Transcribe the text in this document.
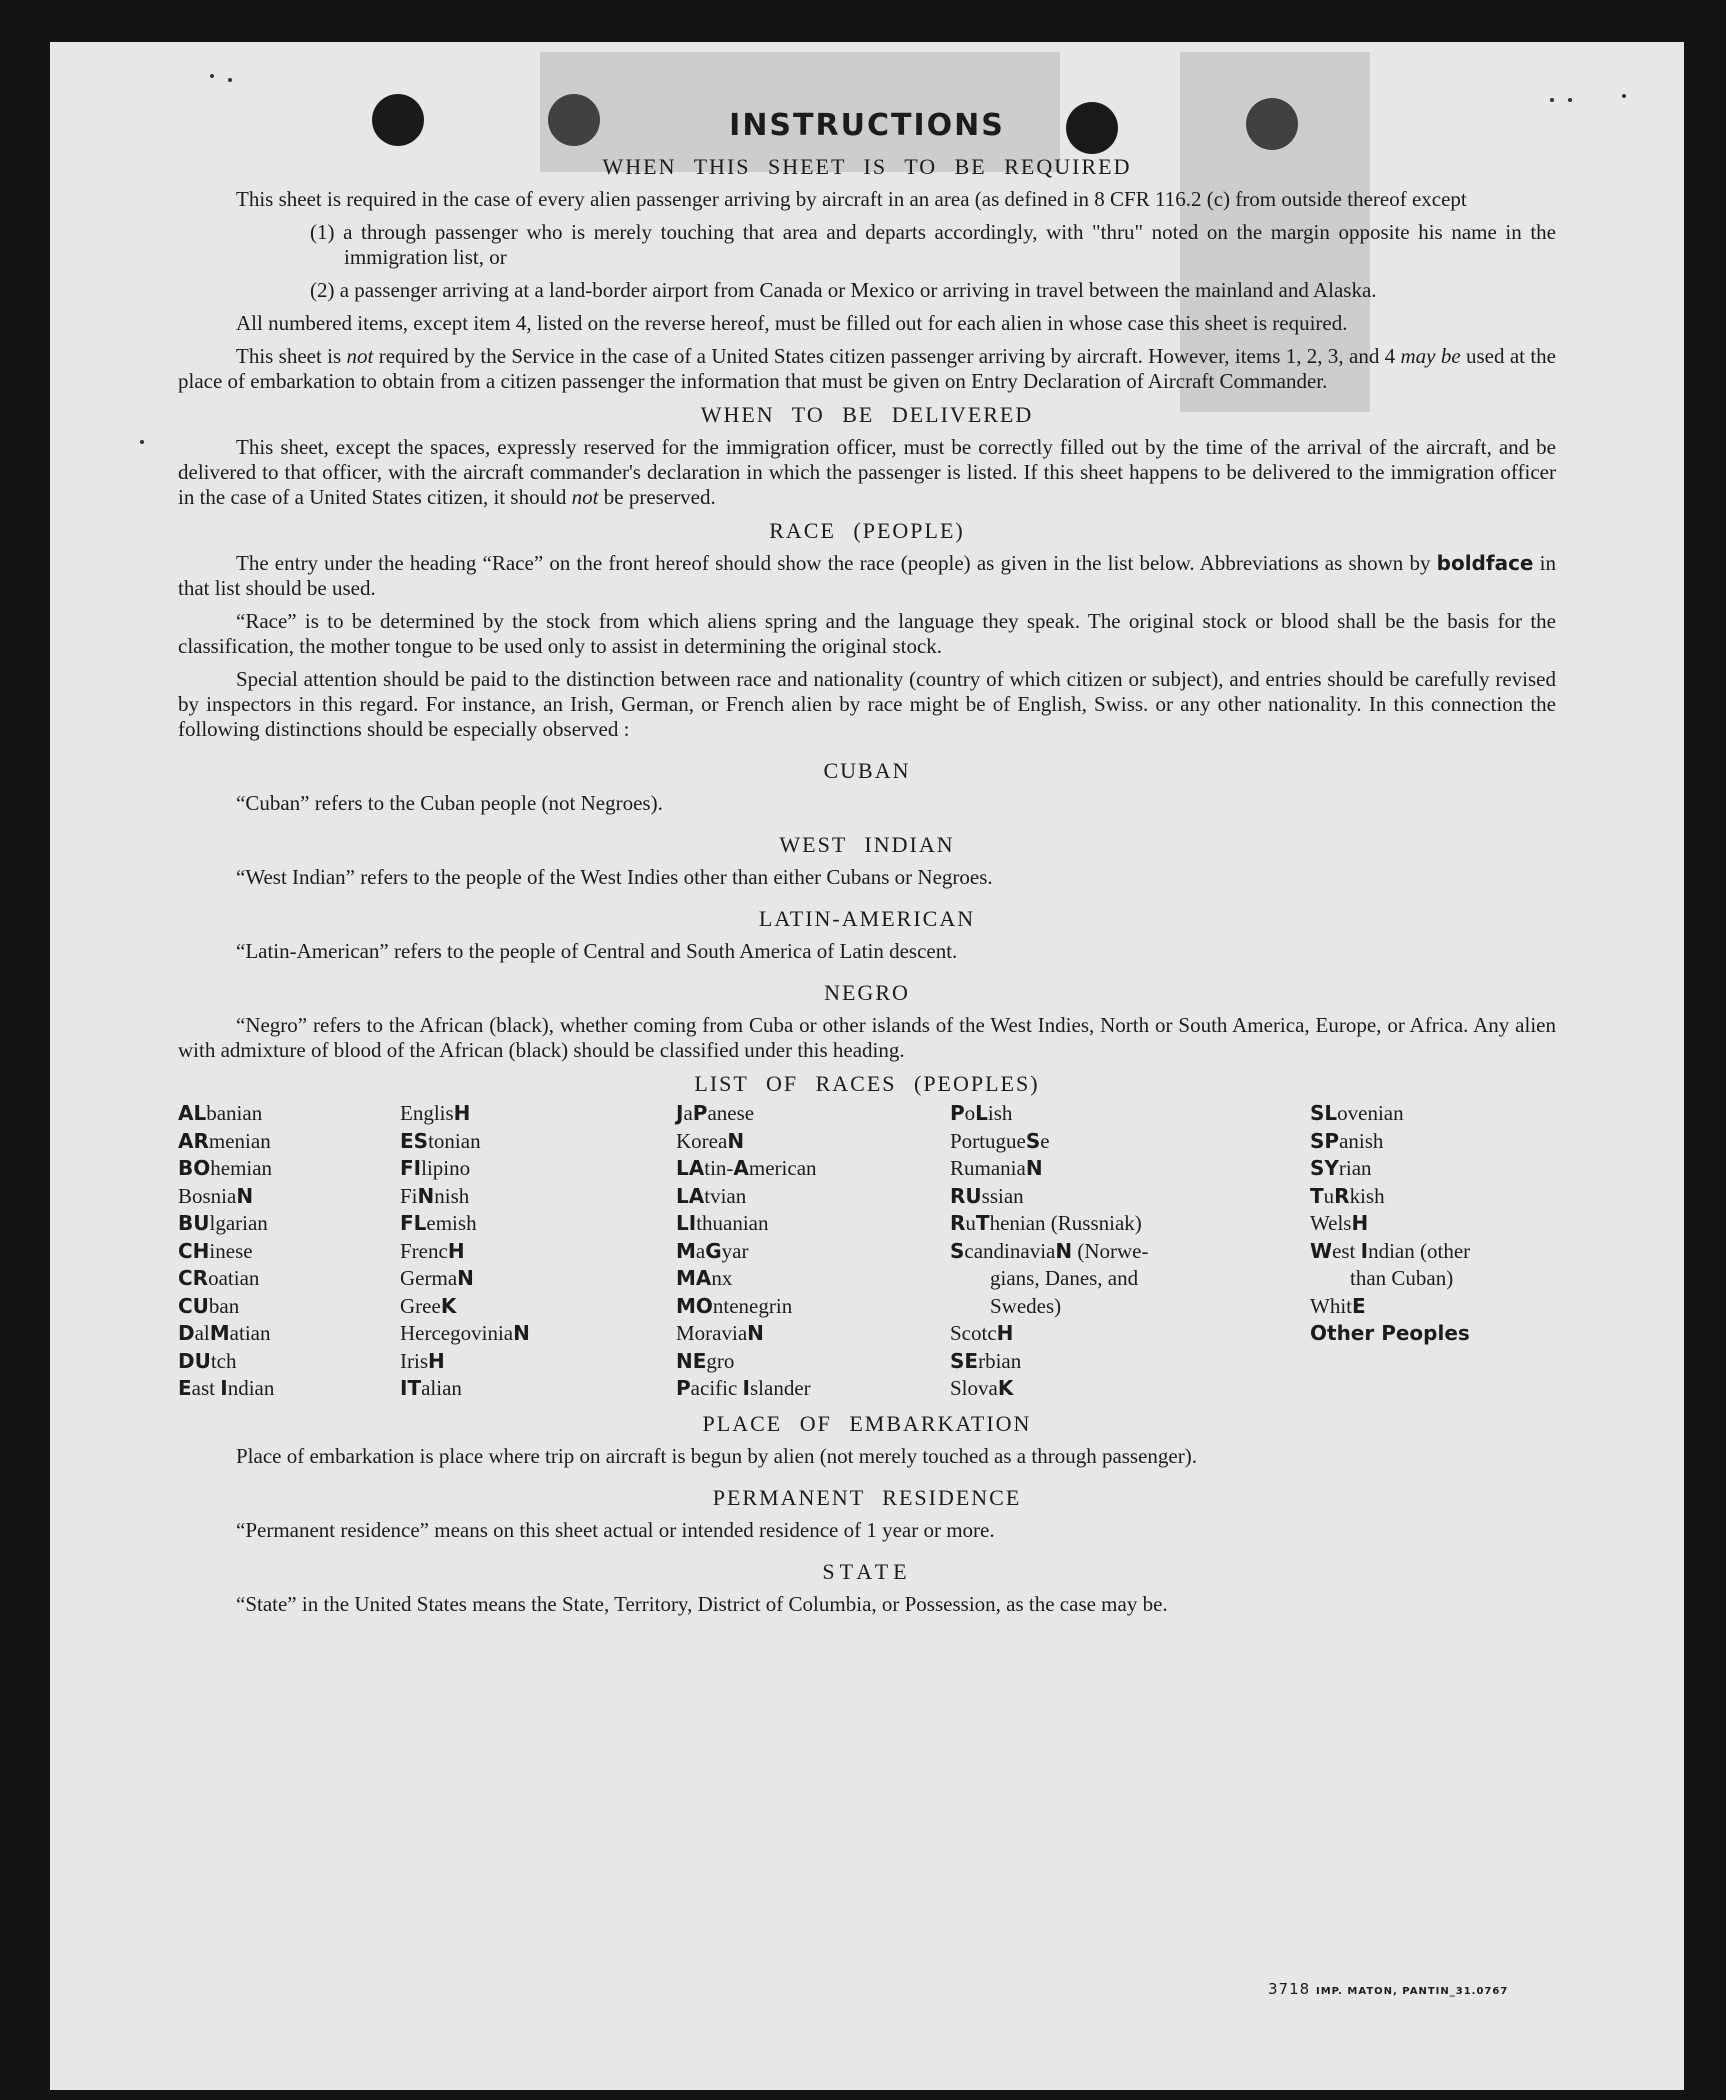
INSTRUCTIONS
WHEN THIS SHEET IS TO BE REQUIRED

This sheet is required in the case of every alien passenger arriving by aircraft in an area (as defined in 8 CFR 116.2 (c) from outside thereof except

(1) a through passenger who is merely touching that area and departs accordingly, with "thru" noted on the margin opposite his name in the immigration list, or

(2) a passenger arriving at a land-border airport from Canada or Mexico or arriving in travel between the mainland and Alaska.

All numbered items, except item 4, listed on the reverse hereof, must be filled out for each alien in whose case this sheet is required.

This sheet is not required by the Service in the case of a United States citizen passenger arriving by aircraft. However, items 1, 2, 3, and 4 may be used at the place of embarkation to obtain from a citizen passenger the information that must be given on Entry Declaration of Aircraft Commander.

WHEN TO BE DELIVERED

This sheet, except the spaces, expressly reserved for the immigration officer, must be correctly filled out by the time of the arrival of the aircraft, and be delivered to that officer, with the aircraft commander's declaration in which the passenger is listed. If this sheet happens to be delivered to the immigration officer in the case of a United States citizen, it should not be preserved.

RACE (PEOPLE)

The entry under the heading “Race” on the front hereof should show the race (people) as given in the list below. Abbreviations as shown by boldface in that list should be used.

“Race” is to be determined by the stock from which aliens spring and the language they speak. The original stock or blood shall be the basis for the classification, the mother tongue to be used only to assist in determining the original stock.

Special attention should be paid to the distinction between race and nationality (country of which citizen or subject), and entries should be carefully revised by inspectors in this regard. For instance, an Irish, German, or French alien by race might be of English, Swiss. or any other nationality. In this connection the following distinctions should be especially observed :

CUBAN

“Cuban” refers to the Cuban people (not Negroes).

WEST INDIAN

“West Indian” refers to the people of the West Indies other than either Cubans or Negroes.

LATIN-AMERICAN

“Latin-American” refers to the people of Central and South America of Latin descent.

NEGRO

“Negro” refers to the African (black), whether coming from Cuba or other islands of the West Indies, North or South America, Europe, or Africa. Any alien with admixture of blood of the African (black) should be classified under this heading.

LIST OF RACES (PEOPLES)
ALbanian
ARmenian
BOhemian
BosniaN
BUlgarian
CHinese
CRoatian
CUban
DalMatian
DUtch
East Indian
EnglisH
EStonian
FIlipino
FiNnish
FLemish
FrencH
GermaN
GreeK
HercegoviniaN
IrisH
ITalian
JaPanese
KoreaN
LAtin-American
LAtvian
LIthuanian
MaGyar
MAnx
MOntenegrin
MoraviaN
NEgro
Pacific Islander
PoLish
PortugueSe
RumaniaN
RUssian
RuThenian (Russniak)
ScandinaviaN (Norwe-
gians, Danes, and
Swedes)
ScotcH
SErbian
SlovaK
SLovenian
SPanish
SYrian
TuRkish
WelsH
West Indian (other
than Cuban)
WhitE
Other Peoples
PLACE OF EMBARKATION

Place of embarkation is place where trip on aircraft is begun by alien (not merely touched as a through passenger).

PERMANENT RESIDENCE

“Permanent residence” means on this sheet actual or intended residence of 1 year or more.

STATE

“State” in the United States means the State, Territory, District of Columbia, or Possession, as the case may be.

3718 IMP. MATON, PANTIN_31.0767
